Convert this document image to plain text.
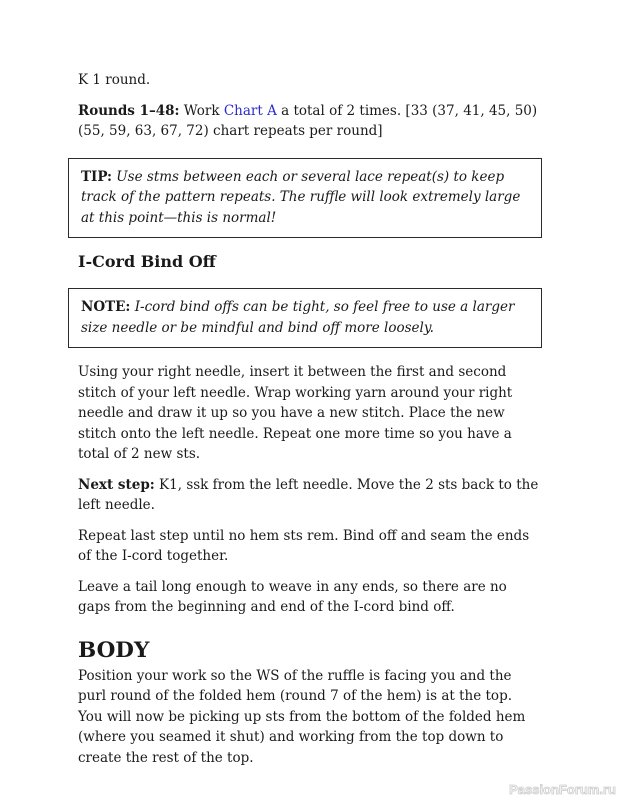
K 1 round.

Rounds 1–48: Work Chart A a total of 2 times. [33 (37, 41, 45, 50) (55, 59, 63, 67, 72) chart repeats per round]

TIP: Use stms between each or several lace repeat(s) to keep track of the pattern repeats. The ruffle will look extremely large at this point—this is normal!
I-Cord Bind Off
NOTE: I-cord bind offs can be tight, so feel free to use a larger size needle or be mindful and bind off more loosely.

Using your right needle, insert it between the first and second stitch of your left needle. Wrap working yarn around your right needle and draw it up so you have a new stitch. Place the new stitch onto the left needle. Repeat one more time so you have a total of 2 new sts.

Next step: K1, ssk from the left needle. Move the 2 sts back to the left needle.

Repeat last step until no hem sts rem. Bind off and seam the ends of the I-cord together.

Leave a tail long enough to weave in any ends, so there are no gaps from the beginning and end of the I-cord bind off.

BODY

Position your work so the WS of the ruffle is facing you and the purl round of the folded hem (round 7 of the hem) is at the top. You will now be picking up sts from the bottom of the folded hem (where you seamed it shut) and working from the top down to create the rest of the top.

PassionForum.ru
